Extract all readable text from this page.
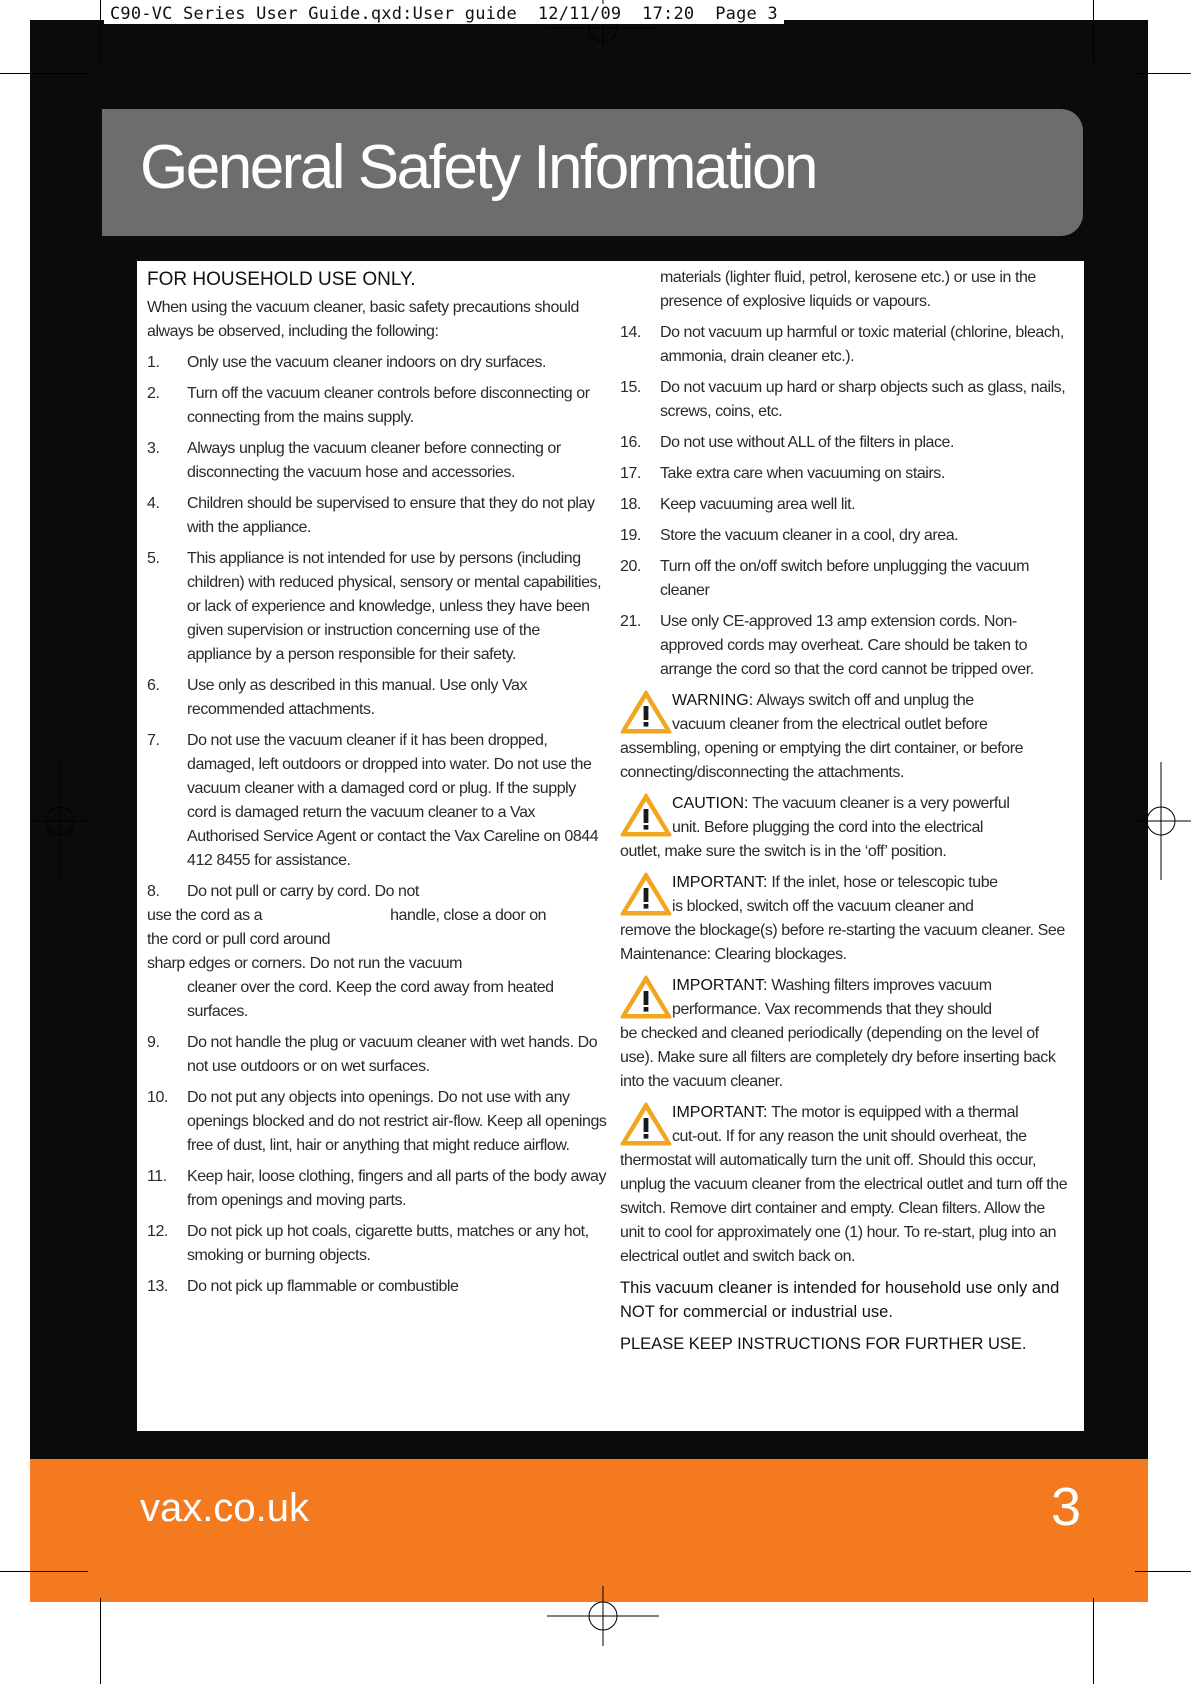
C90-VC Series User Guide.qxd:User guide  12/11/09  17:20  Page 3
General Safety Information
FOR HOUSEHOLD USE ONLY.
When using the vacuum cleaner, basic safety precautions should always be observed, including the following:
1.	Only use the vacuum cleaner indoors on dry surfaces.
2.	Turn off the vacuum cleaner controls before disconnecting or connecting from the mains supply.
3.	Always unplug the vacuum cleaner before connecting or disconnecting the vacuum hose and accessories.
4.	Children should be supervised to ensure that they do not play with the appliance.
5.	This appliance is not intended for use by persons (including children) with reduced physical, sensory or mental capabilities, or lack of experience and knowledge, unless they have been given supervision or instruction concerning use of the appliance by a person responsible for their safety.
6.	Use only as described in this manual. Use only Vax recommended attachments.
7.	Do not use the vacuum cleaner if it has been dropped, damaged, left outdoors or dropped into water. Do not use the vacuum cleaner with a damaged cord or plug. If the supply cord is damaged return the vacuum cleaner to a Vax Authorised Service Agent or contact the Vax Careline on 0844 412 8455 for assistance.
8.	Do not pull or carry by cord. Do not
use the cord as a	handle, close a door on
the cord or pull cord around
sharp edges or corners. Do not run the vacuum
cleaner over the cord. Keep the cord away from heated surfaces.
9.	Do not handle the plug or vacuum cleaner with wet hands. Do not use outdoors or on wet surfaces.
10.	Do not put any objects into openings. Do not use with any openings blocked and do not restrict air-flow. Keep all openings free of dust, lint, hair or anything that might reduce airflow.
11.	Keep hair, loose clothing, fingers and all parts of the body away from openings and moving parts.
12.	Do not pick up hot coals, cigarette butts, matches or any hot, smoking or burning objects.
13.	Do not pick up flammable or combustible
materials (lighter fluid, petrol, kerosene etc.) or use in the presence of explosive liquids or vapours.
14.	Do not vacuum up harmful or toxic material (chlorine, bleach, ammonia, drain cleaner etc.).
15.	Do not vacuum up hard or sharp objects such as glass, nails, screws, coins, etc.
16.	Do not use without ALL of the filters in place.
17.	Take extra care when vacuuming on stairs.
18.	Keep vacuuming area well lit.
19.	Store the vacuum cleaner in a cool, dry area.
20.	Turn off the on/off switch before unplugging the vacuum cleaner
21.	Use only CE-approved 13 amp extension cords. Non-approved cords may overheat. Care should be taken to arrange the cord so that the cord cannot be tripped over.
WARNING: Always switch off and unplug the
vacuum cleaner from the electrical outlet before
assembling, opening or emptying the dirt container, or before connecting/disconnecting the attachments.
CAUTION: The vacuum cleaner is a very powerful
unit. Before plugging the cord into the electrical
outlet, make sure the switch is in the ‘off’ position.
IMPORTANT: If the inlet, hose or telescopic tube
is blocked, switch off the vacuum cleaner and
remove the blockage(s) before re-starting the vacuum cleaner. See Maintenance: Clearing blockages.
IMPORTANT: Washing filters improves vacuum
performance. Vax recommends that they should
be checked and cleaned periodically (depending on the level of use). Make sure all filters are completely dry before inserting back into the vacuum cleaner.
IMPORTANT: The motor is equipped with a thermal
cut-out. If for any reason the unit should overheat, the
thermostat will automatically turn the unit off. Should this occur, unplug the vacuum cleaner from the electrical outlet and turn off the switch. Remove dirt container and empty. Clean filters. Allow the unit to cool for approximately one (1) hour. To re-start, plug into an electrical outlet and switch back on.
This vacuum cleaner is intended for household use only and NOT for commercial or industrial use.
PLEASE KEEP INSTRUCTIONS FOR FURTHER USE.
vax.co.uk	3
